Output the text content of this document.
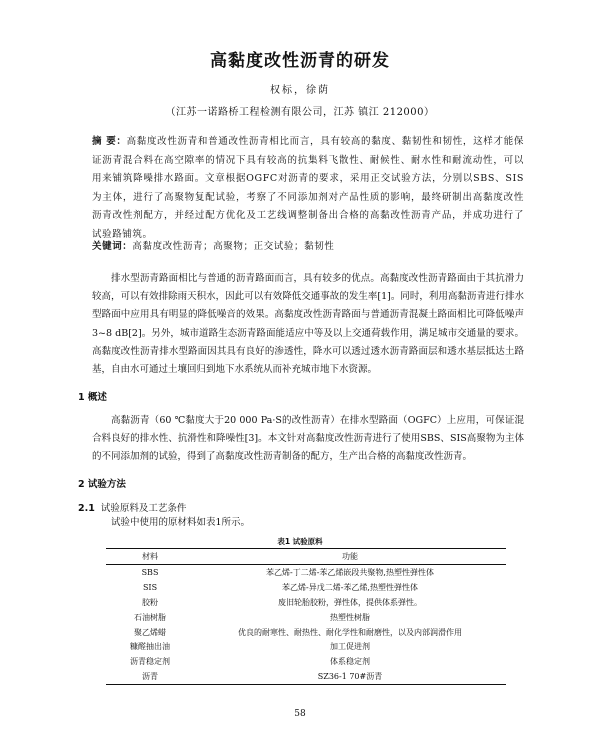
高黏度改性沥青的研发
权标，徐荫
（江苏一诺路桥工程检测有限公司，江苏 镇江 212000）
摘 要：高黏度改性沥青和普通改性沥青相比而言，具有较高的黏度、黏韧性和韧性，这样才能保证沥青混合料在高空隙率的情况下具有较高的抗集料飞散性、耐候性、耐水性和耐流动性，可以用来铺筑降噪排水路面。文章根据OGFC对沥青的要求，采用正交试验方法，分别以SBS、SIS为主体，进行了高聚物复配试验，考察了不同添加剂对产品性质的影响，最终研制出高黏度改性沥青改性剂配方，并经过配方优化及工艺线调整制备出合格的高黏改性沥青产品，并成功进行了试验路铺筑。
关键词：高黏度改性沥青；高聚物；正交试验；黏韧性
排水型沥青路面相比与普通的沥青路面而言，具有较多的优点。高黏度改性沥青路面由于其抗滑力较高，可以有效排除雨天积水，因此可以有效降低交通事故的发生率[1]。同时，利用高黏沥青进行排水型路面中应用具有明显的降低噪音的效果。高黏度改性沥青路面与普通沥青混凝土路面相比可降低噪声3~8 dB[2]。另外，城市道路生态沥青路面能适应中等及以上交通荷载作用，满足城市交通量的要求。高黏度改性沥青排水型路面因其具有良好的渗透性，降水可以透过透水沥青路面层和透水基层抵达土路基，自由水可通过土壤回归到地下水系统从而补充城市地下水资源。
1 概述
高黏沥青（60 ℃黏度大于20 000 Pa·S的改性沥青）在排水型路面（OGFC）上应用，可保证混合料良好的排水性、抗滑性和降噪性[3]。本文针对高黏度改性沥青进行了使用SBS、SIS高聚物为主体的不同添加剂的试验，得到了高黏度改性沥青制备的配方，生产出合格的高黏度改性沥青。
2 试验方法
2.1 试验原料及工艺条件
试验中使用的原材料如表1所示。
表1 试验原料
材料	功能
SBS	苯乙烯-丁二烯-苯乙烯嵌段共聚物,热塑性弹性体
SIS	苯乙烯-异戊二烯-苯乙烯,热塑性弹性体
胶粉	废旧轮胎胶粉，弹性体，提供体系弹性。
石油树脂	热塑性树脂
聚乙烯蜡	优良的耐寒性、耐热性、耐化学性和耐磨性，以及内部润滑作用
糠醛抽出油	加工促进剂
沥青稳定剂	体系稳定剂
沥青	SZ36-1 70#沥青
58
